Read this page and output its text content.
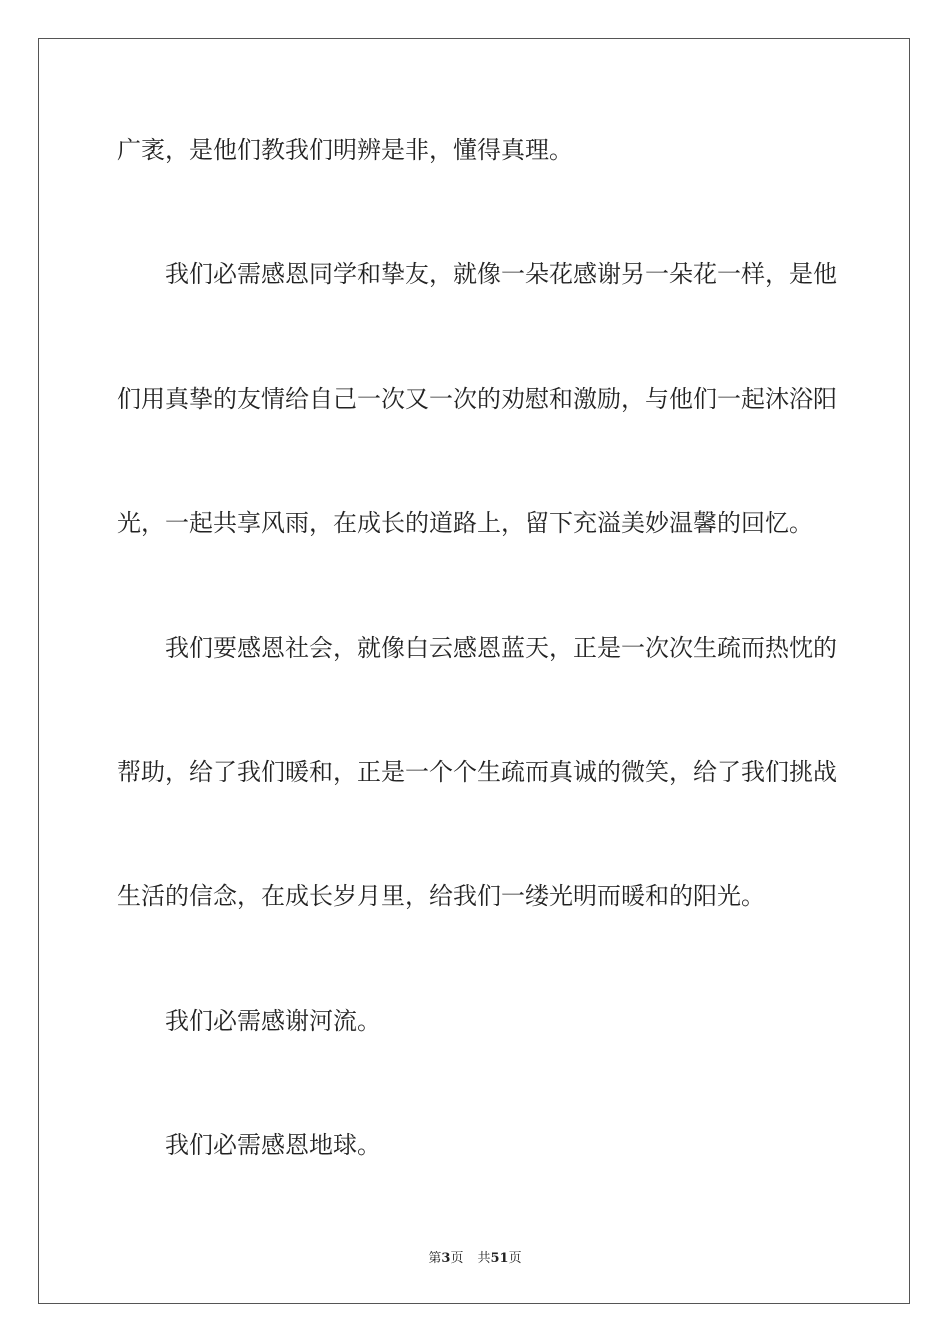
广袤，是他们教我们明辨是非，懂得真理。
我们必需感恩同学和挚友，就像一朵花感谢另一朵花一样，是他
们用真挚的友情给自己一次又一次的劝慰和激励，与他们一起沐浴阳
光，一起共享风雨，在成长的道路上，留下充溢美妙温馨的回忆。
我们要感恩社会，就像白云感恩蓝天，正是一次次生疏而热忱的
帮助，给了我们暖和，正是一个个生疏而真诚的微笑，给了我们挑战
生活的信念，在成长岁月里，给我们一缕光明而暖和的阳光。
我们必需感谢河流。
我们必需感恩地球。
第3页 共51页
